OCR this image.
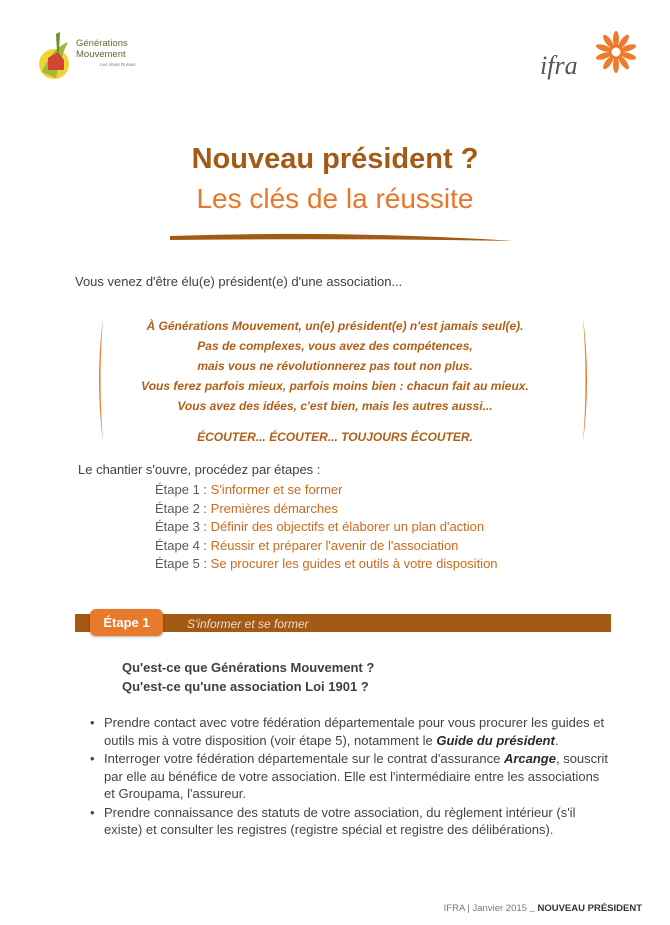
Générations
Mouvement
Les Aînés Ruraux	ifra
Nouveau président ?
Les clés de la réussite
Vous venez d'être élu(e) président(e) d'une association...
À Générations Mouvement, un(e) président(e) n'est jamais seul(e).
Pas de complexes, vous avez des compétences,
mais vous ne révolutionnerez pas tout non plus.
Vous ferez parfois mieux, parfois moins bien : chacun fait au mieux.
Vous avez des idées, c'est bien, mais les autres aussi...
ÉCOUTER... ÉCOUTER... TOUJOURS ÉCOUTER.
Le chantier s'ouvre, procédez par étapes :
Étape 1 : S'informer et se former
Étape 2 : Premières démarches
Étape 3 : Définir des objectifs et élaborer un plan d'action
Étape 4 : Réussir et préparer l'avenir de l'association
Étape 5 : Se procurer les guides et outils à votre disposition
Étape 1	S'informer et se former
Qu'est-ce que Générations Mouvement ?
Qu'est-ce qu'une association Loi 1901 ?
• Prendre contact avec votre fédération départementale pour vous procurer les guides et outils mis à votre disposition (voir étape 5), notamment le Guide du président.
• Interroger votre fédération départementale sur le contrat d'assurance Arcange, souscrit par elle au bénéfice de votre association. Elle est l'intermédiaire entre les associations et Groupama, l'assureur.
• Prendre connaissance des statuts de votre association, du règlement intérieur (s'il existe) et consulter les registres (registre spécial et registre des délibérations).
IFRA | Janvier 2015 _ NOUVEAU PRÉSIDENT
